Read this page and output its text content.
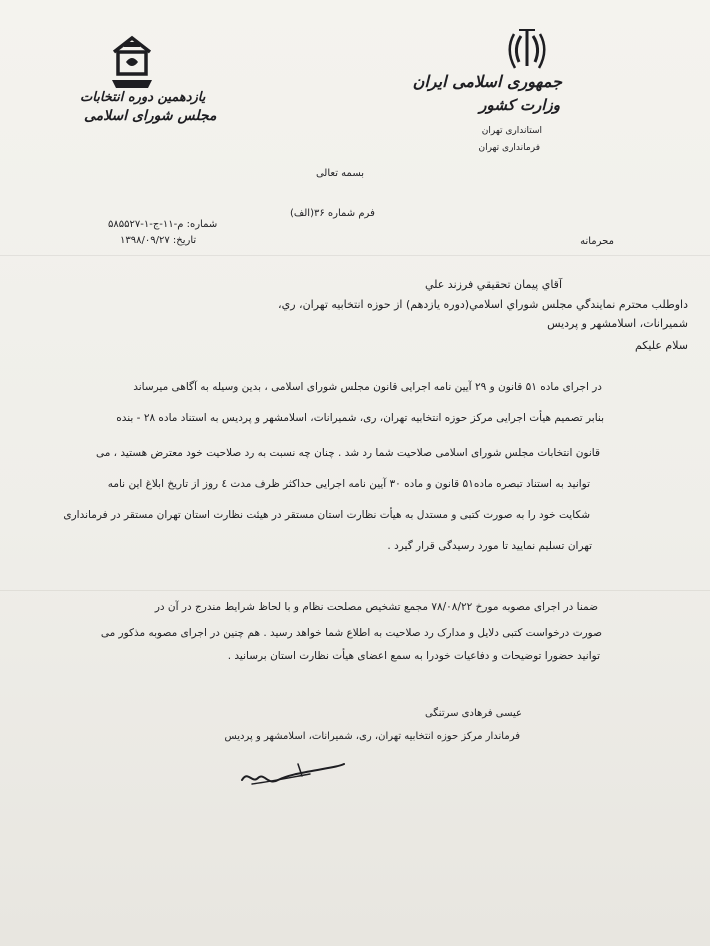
یازدهمین دوره انتخابات
مجلس شورای اسلامی
جمهوری اسلامی ایران
وزارت کشور
استانداری تهران
فرمانداری تهران
بسمه تعالی
فرم شماره ۳۶(الف)
شماره: م-۱۱-ج-۱-۵۸۵۵۲۷
تاریخ: ۱۳۹۸/۰۹/۲۷	محرمانه
آقاي پيمان تحقيقي فرزند علي
داوطلب محترم نمايندگي مجلس شوراي اسلامي(دوره يازدهم) از حوزه انتخابيه تهران، ري،
شميرانات، اسلامشهر و پرديس
سلام عليكم
در اجرای ماده ۵۱ قانون و ۲۹ آیین نامه اجرایی قانون مجلس شورای اسلامی ، بدین وسیله به آگاهی میرساند
بنابر تصمیم هیأت اجرایی مرکز حوزه انتخابیه تهران، ری، شمیرانات، اسلامشهر و پردیس به استناد ماده ۲۸ - بنده
قانون انتخابات مجلس شورای اسلامی صلاحیت شما رد شد . چنان چه نسبت به رد صلاحیت خود معترض هستید ، می
توانید به استناد تبصره ماده۵۱ قانون و ماده ۳۰ آیین نامه اجرایی حداکثر ظرف مدت ٤ روز از تاریخ ابلاغ این نامه
شکایت خود را به صورت کتبی و مستدل به هیأت نظارت استان مستقر در هیئت نظارت استان تهران مستقر در فرمانداری
تهران تسلیم نمایید تا مورد رسیدگی قرار گیرد .
ضمنا در اجرای مصوبه مورخ ۷۸/۰۸/۲۲ مجمع تشخیص مصلحت نظام و با لحاظ شرایط مندرج در آن در
صورت درخواست کتبی دلایل و مدارک رد صلاحیت به اطلاع شما خواهد رسید . هم چنین در اجرای مصوبه مذکور می
توانید حضورا توضیحات و دفاعیات خودرا به سمع اعضای هیأت نظارت استان برسانید .
عیسی فرهادی سرتنگی
فرماندار مرکز حوزه انتخابیه تهران، ری، شمیرانات، اسلامشهر و پردیس
